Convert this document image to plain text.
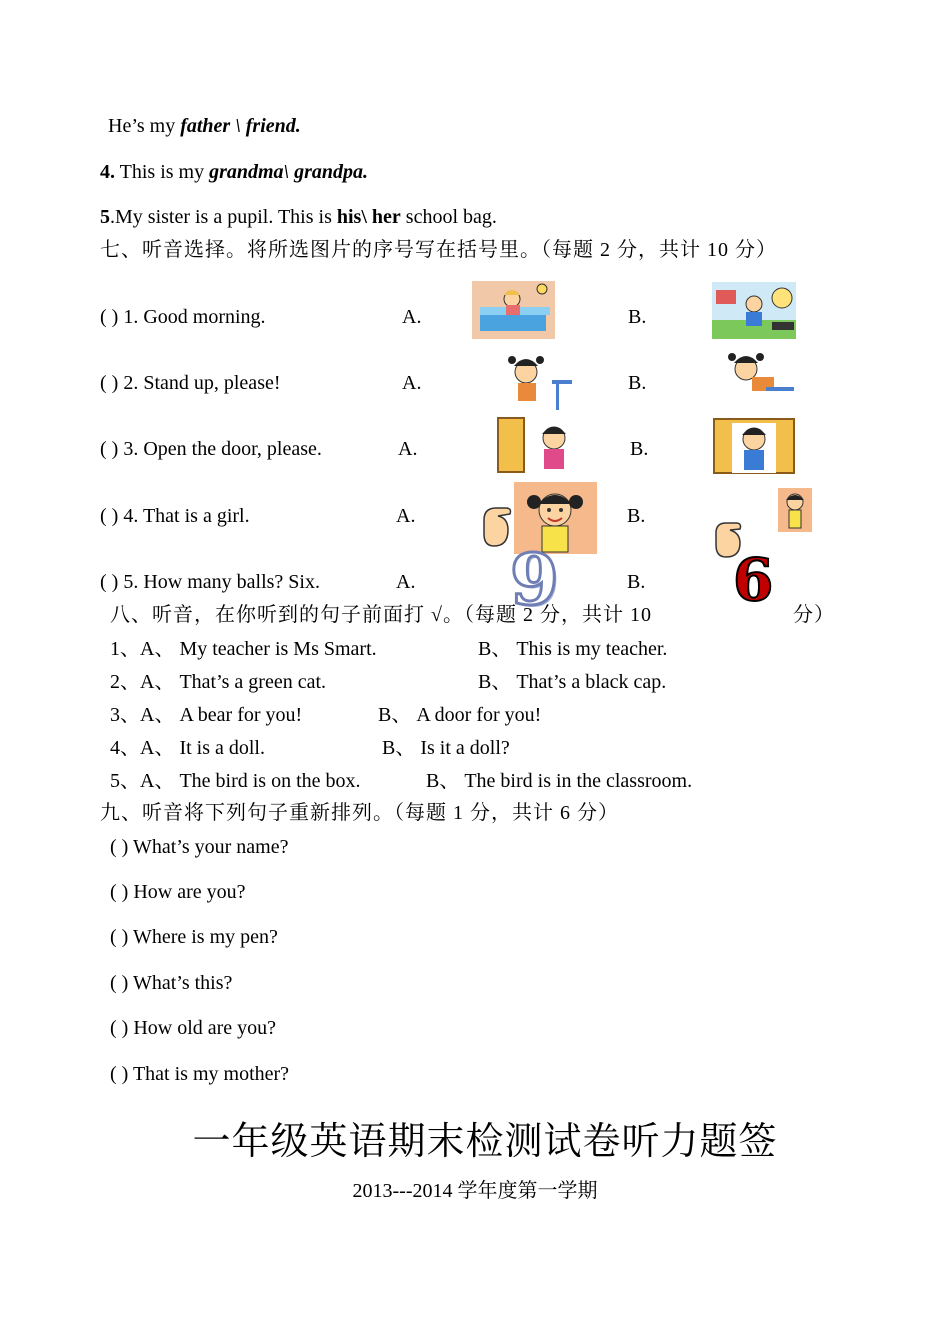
He’s my father \ friend.
4. This is my grandma\ grandpa.
5.My sister is a pupil. This is his\ her school bag.
七、听音选择。将所选图片的序号写在括号里。（每题 2 分，共计 10 分）
( ) 1. Good morning.	A.	B.
( ) 2. Stand up, please!	A.	B.
( ) 3. Open the door, please.	A.	B.
( ) 4. That is a girl.	A.	B.
( ) 5. How many balls? Six.	A.	B.
9	6
八、听音，在你听到的句子前面打 √。（每题 2 分，共计 10	分）
1、A、 My teacher is Ms Smart.	B、 This is my teacher.
2、A、 That’s a green cat.	B、 That’s a black cap.
3、A、 A bear for you!	B、 A door for you!
4、A、 It is a doll.	B、 Is it a doll?
5、A、 The bird is on the box.	B、 The bird is in the classroom.
九、听音将下列句子重新排列。（每题 1 分，共计 6 分）
( ) What’s your name?
( ) How are you?
( ) Where is my pen?
( ) What’s this?
( ) How old are you?
( ) That is my mother?
一年级英语期末检测试卷听力题签
2013---2014 学年度第一学期
